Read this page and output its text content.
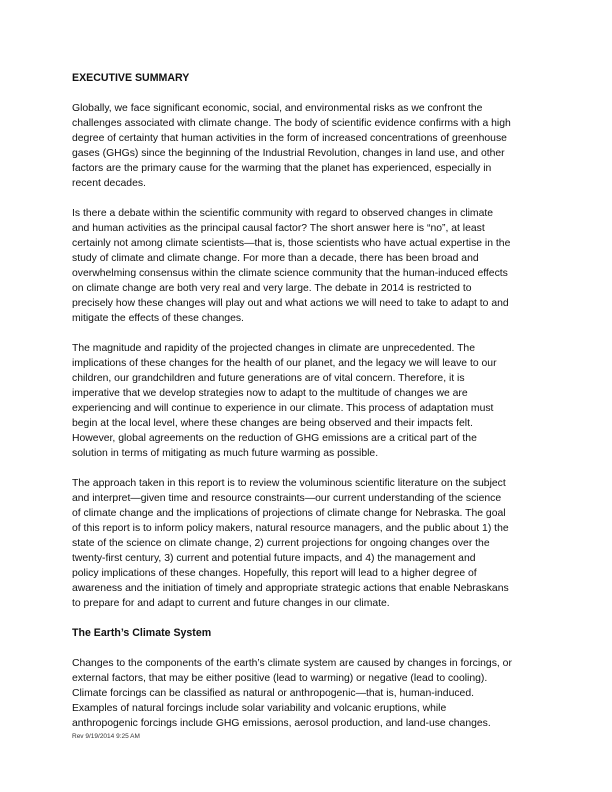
EXECUTIVE SUMMARY

Globally, we face significant economic, social, and environmental risks as we confront the
challenges associated with climate change. The body of scientific evidence confirms with a high
degree of certainty that human activities in the form of increased concentrations of greenhouse
gases (GHGs) since the beginning of the Industrial Revolution, changes in land use, and other
factors are the primary cause for the warming that the planet has experienced, especially in
recent decades.

Is there a debate within the scientific community with regard to observed changes in climate
and human activities as the principal causal factor? The short answer here is “no”, at least
certainly not among climate scientists—that is, those scientists who have actual expertise in the
study of climate and climate change. For more than a decade, there has been broad and
overwhelming consensus within the climate science community that the human-induced effects
on climate change are both very real and very large. The debate in 2014 is restricted to
precisely how these changes will play out and what actions we will need to take to adapt to and
mitigate the effects of these changes.

The magnitude and rapidity of the projected changes in climate are unprecedented. The
implications of these changes for the health of our planet, and the legacy we will leave to our
children, our grandchildren and future generations are of vital concern. Therefore, it is
imperative that we develop strategies now to adapt to the multitude of changes we are
experiencing and will continue to experience in our climate. This process of adaptation must
begin at the local level, where these changes are being observed and their impacts felt.
However, global agreements on the reduction of GHG emissions are a critical part of the
solution in terms of mitigating as much future warming as possible.

The approach taken in this report is to review the voluminous scientific literature on the subject
and interpret—given time and resource constraints—our current understanding of the science
of climate change and the implications of projections of climate change for Nebraska. The goal
of this report is to inform policy makers, natural resource managers, and the public about 1) the
state of the science on climate change, 2) current projections for ongoing changes over the
twenty-first century, 3) current and potential future impacts, and 4) the management and
policy implications of these changes. Hopefully, this report will lead to a higher degree of
awareness and the initiation of timely and appropriate strategic actions that enable Nebraskans
to prepare for and adapt to current and future changes in our climate.

The Earth’s Climate System

Changes to the components of the earth’s climate system are caused by changes in forcings, or
external factors, that may be either positive (lead to warming) or negative (lead to cooling).
Climate forcings can be classified as natural or anthropogenic—that is, human-induced.
Examples of natural forcings include solar variability and volcanic eruptions, while
anthropogenic forcings include GHG emissions, aerosol production, and land-use changes.

Rev 9/19/2014 9:25 AM
